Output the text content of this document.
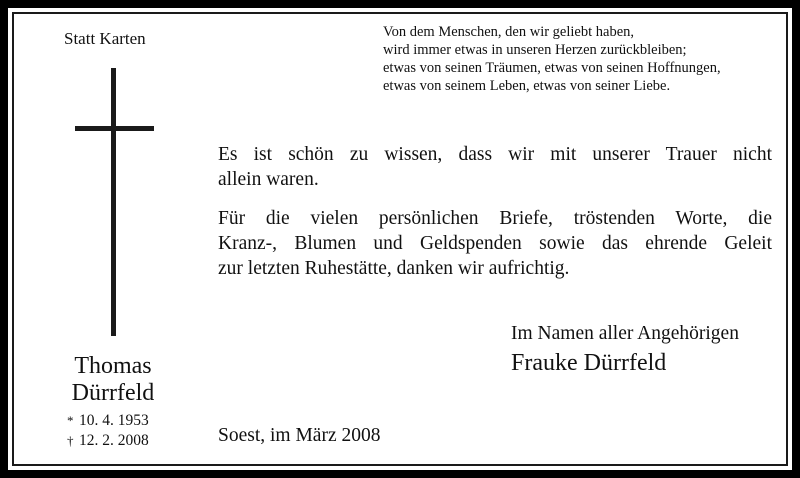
Statt Karten
Thomas
Dürrfeld
* 10. 4. 1953
† 12. 2. 2008
Von dem Menschen, den wir geliebt haben,
wird immer etwas in unseren Herzen zurückbleiben;
etwas von seinen Träumen, etwas von seinen Hoffnungen,
etwas von seinem Leben, etwas von seiner Liebe.
Es ist schön zu wissen, dass wir mit unserer Trauer nicht
allein waren.
Für die vielen persönlichen Briefe, tröstenden Worte, die
Kranz-, Blumen und Geldspenden sowie das ehrende Geleit
zur letzten Ruhestätte, danken wir aufrichtig.
Im Namen aller Angehörigen
Frauke Dürrfeld
Soest, im März 2008
